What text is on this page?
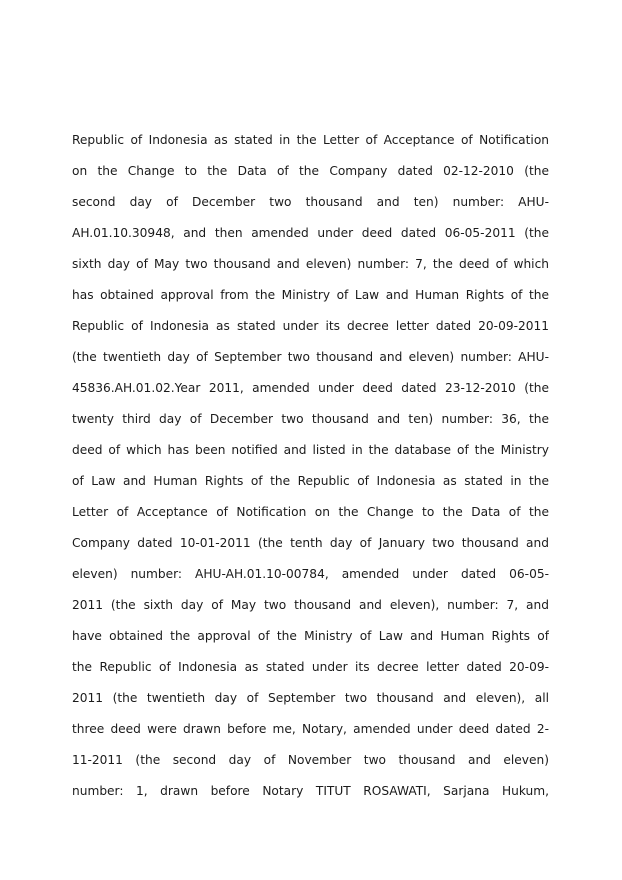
Republic of Indonesia as stated in the Letter of Acceptance of Notification
on the Change to the Data of the Company dated 02-12-2010 (the
second day of December two thousand and ten) number: AHU-
AH.01.10.30948, and then amended under deed dated 06-05-2011 (the
sixth day of May two thousand and eleven) number: 7, the deed of which
has obtained approval from the Ministry of Law and Human Rights of the
Republic of Indonesia as stated under its decree letter dated 20-09-2011
(the twentieth day of September two thousand and eleven) number: AHU-
45836.AH.01.02.Year 2011, amended under deed dated 23-12-2010 (the
twenty third day of December two thousand and ten) number: 36, the
deed of which has been notified and listed in the database of the Ministry
of Law and Human Rights of the Republic of Indonesia as stated in the
Letter of Acceptance of Notification on the Change to the Data of the
Company dated 10-01-2011 (the tenth day of January two thousand and
eleven) number: AHU-AH.01.10-00784, amended under dated 06-05-
2011 (the sixth day of May two thousand and eleven), number: 7, and
have obtained the approval of the Ministry of Law and Human Rights of
the Republic of Indonesia as stated under its decree letter dated 20-09-
2011 (the twentieth day of September two thousand and eleven), all
three deed were drawn before me, Notary, amended under deed dated 2-
11-2011 (the second day of November two thousand and eleven)
number: 1, drawn before Notary TITUT ROSAWATI, Sarjana Hukum,
